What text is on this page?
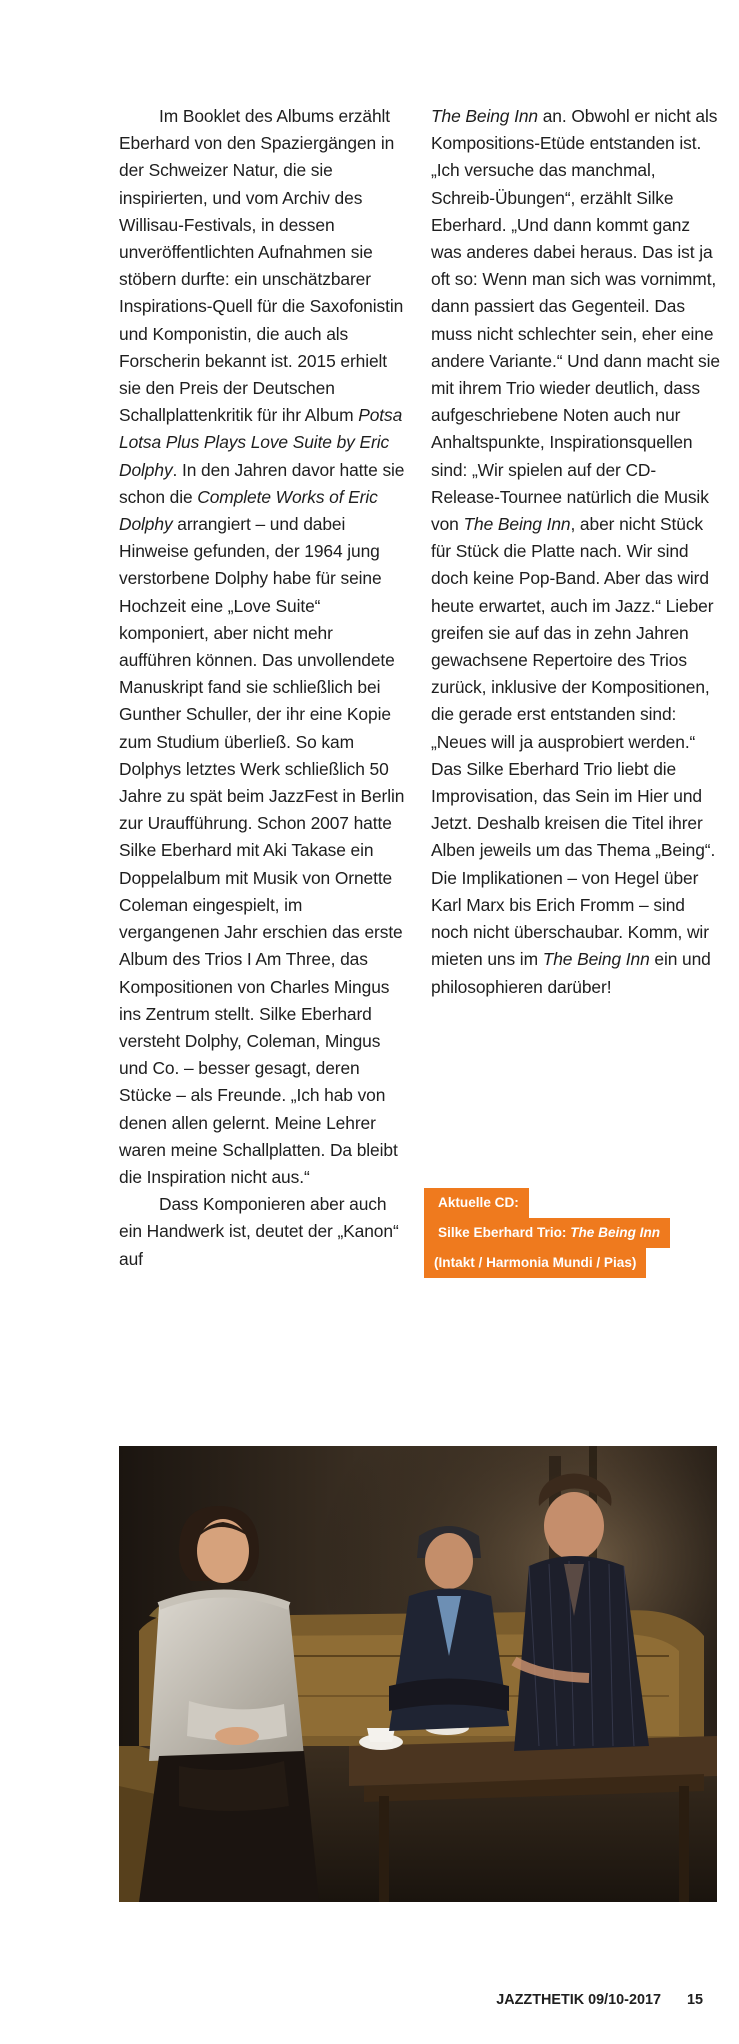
Im Booklet des Albums erzählt Eberhard von den Spaziergängen in der Schweizer Natur, die sie inspirierten, und vom Archiv des Willisau-Festivals, in dessen unveröffentlichten Aufnahmen sie stöbern durfte: ein unschätzbarer Inspirations-Quell für die Saxofonistin und Komponistin, die auch als Forscherin bekannt ist. 2015 erhielt sie den Preis der Deutschen Schallplattenkritik für ihr Album Potsa Lotsa Plus Plays Love Suite by Eric Dolphy. In den Jahren davor hatte sie schon die Complete Works of Eric Dolphy arrangiert – und dabei Hinweise gefunden, der 1964 jung verstorbene Dolphy habe für seine Hochzeit eine „Love Suite“ komponiert, aber nicht mehr aufführen können. Das unvollendete Manuskript fand sie schließlich bei Gunther Schuller, der ihr eine Kopie zum Studium überließ. So kam Dolphys letztes Werk schließlich 50 Jahre zu spät beim JazzFest in Berlin zur Uraufführung. Schon 2007 hatte Silke Eberhard mit Aki Takase ein Doppelalbum mit Musik von Ornette Coleman eingespielt, im vergangenen Jahr erschien das erste Album des Trios I Am Three, das Kompositionen von Charles Mingus ins Zentrum stellt. Silke Eberhard versteht Dolphy, Coleman, Mingus und Co. – besser gesagt, deren Stücke – als Freunde. „Ich hab von denen allen gelernt. Meine Lehrer waren meine Schallplatten. Da bleibt die Inspiration nicht aus.“

Dass Komponieren aber auch ein Handwerk ist, deutet der „Kanon“ auf

The Being Inn an. Obwohl er nicht als Kompositions-Etüde entstanden ist. „Ich versuche das manchmal, Schreib-Übungen“, erzählt Silke Eberhard. „Und dann kommt ganz was anderes dabei heraus. Das ist ja oft so: Wenn man sich was vornimmt, dann passiert das Gegenteil. Das muss nicht schlechter sein, eher eine andere Variante.“ Und dann macht sie mit ihrem Trio wieder deutlich, dass aufgeschriebene Noten auch nur Anhaltspunkte, Inspirationsquellen sind: „Wir spielen auf der CD-Release-Tournee natürlich die Musik von The Being Inn, aber nicht Stück für Stück die Platte nach. Wir sind doch keine Pop-Band. Aber das wird heute erwartet, auch im Jazz.“ Lieber greifen sie auf das in zehn Jahren gewachsene Repertoire des Trios zurück, inklusive der Kompositionen, die gerade erst entstanden sind: „Neues will ja ausprobiert werden.“ Das Silke Eberhard Trio liebt die Improvisation, das Sein im Hier und Jetzt. Deshalb kreisen die Titel ihrer Alben jeweils um das Thema „Being“. Die Implikationen – von Hegel über Karl Marx bis Erich Fromm – sind noch nicht überschaubar. Komm, wir mieten uns im The Being Inn ein und philosophieren darüber!

Aktuelle CD:
Silke Eberhard Trio: The Being Inn
(Intakt / Harmonia Mundi / Pias)
JAZZTHETIK 09/10-2017 15
